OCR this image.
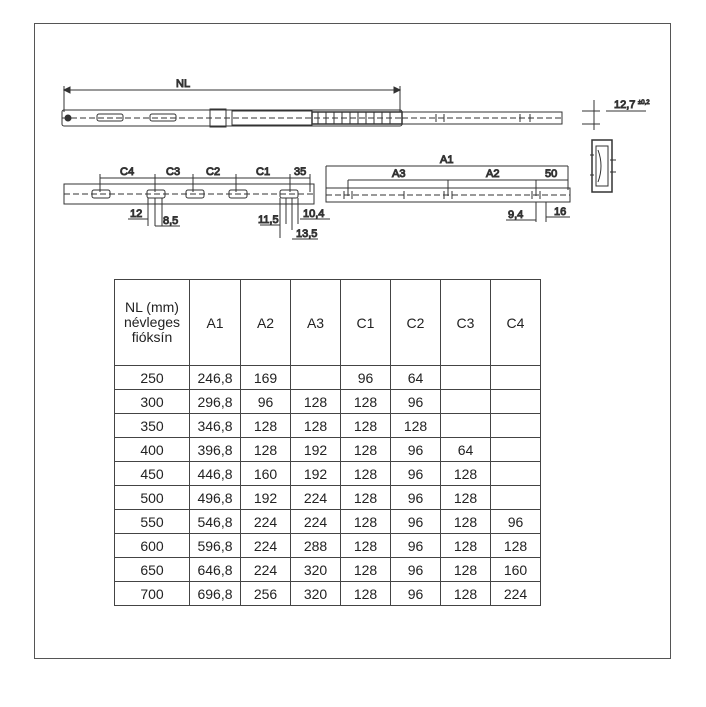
NL
12,7 ±0,2
C4	C3 C2	C1 35
12
8,5	11,5 10,4
13,5
A1
A3	A2	50
9,4	16
NL (mm)
névleges
fióksín	A1	A2	A3	C1	C2	C3	C4
250	246,8	169		96	64		
300	296,8	96	128	128	96		
350	346,8	128	128	128	128		
400	396,8	128	192	128	96	64	
450	446,8	160	192	128	96	128	
500	496,8	192	224	128	96	128	
550	546,8	224	224	128	96	128	96
600	596,8	224	288	128	96	128	128
650	646,8	224	320	128	96	128	160
700	696,8	256	320	128	96	128	224
